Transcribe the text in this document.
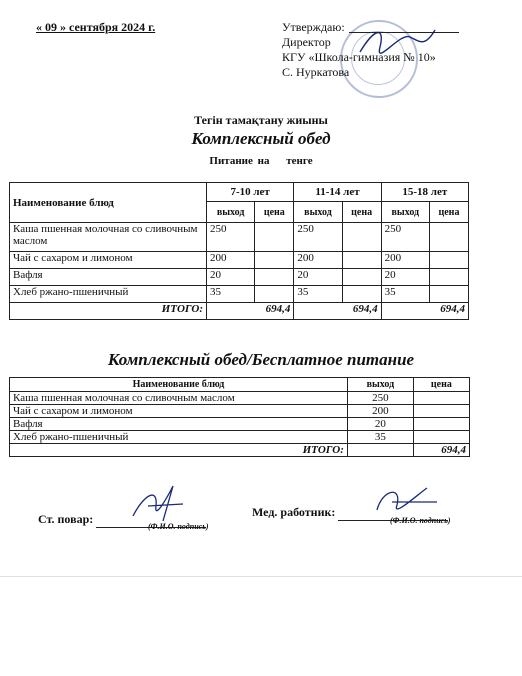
« 09 » сентября 2024 г.	Утверждаю:
Директор
КГУ «Школа-гимназия № 10»
С. Нуркатова
Тегін тамақтану жиыны
Комплексный обед
Питание на тенге
Наименование блюд	7-10 лет		11-14 лет		15-18 лет	
	выход	цена	выход	цена	выход	цена
Каша пшенная молочная со сливочным маслом	250		250		250	
Чай с сахаром и лимоном	200		200		200	
Вафля	20		20		20	
Хлеб ржано-пшеничный	35		35		35	
ИТОГО:	694,4		694,4		694,4	
Комплексный обед/Бесплатное питание
Наименование блюд	выход	цена
Каша пшенная молочная со сливочным маслом	250	
Чай с сахаром и лимоном	200	
Вафля	20	
Хлеб ржано-пшеничный	35	
ИТОГО:		694,4
Ст. повар:
(Ф.И.О. подпись)
Мед. работник:
(Ф.И.О. подпись)
